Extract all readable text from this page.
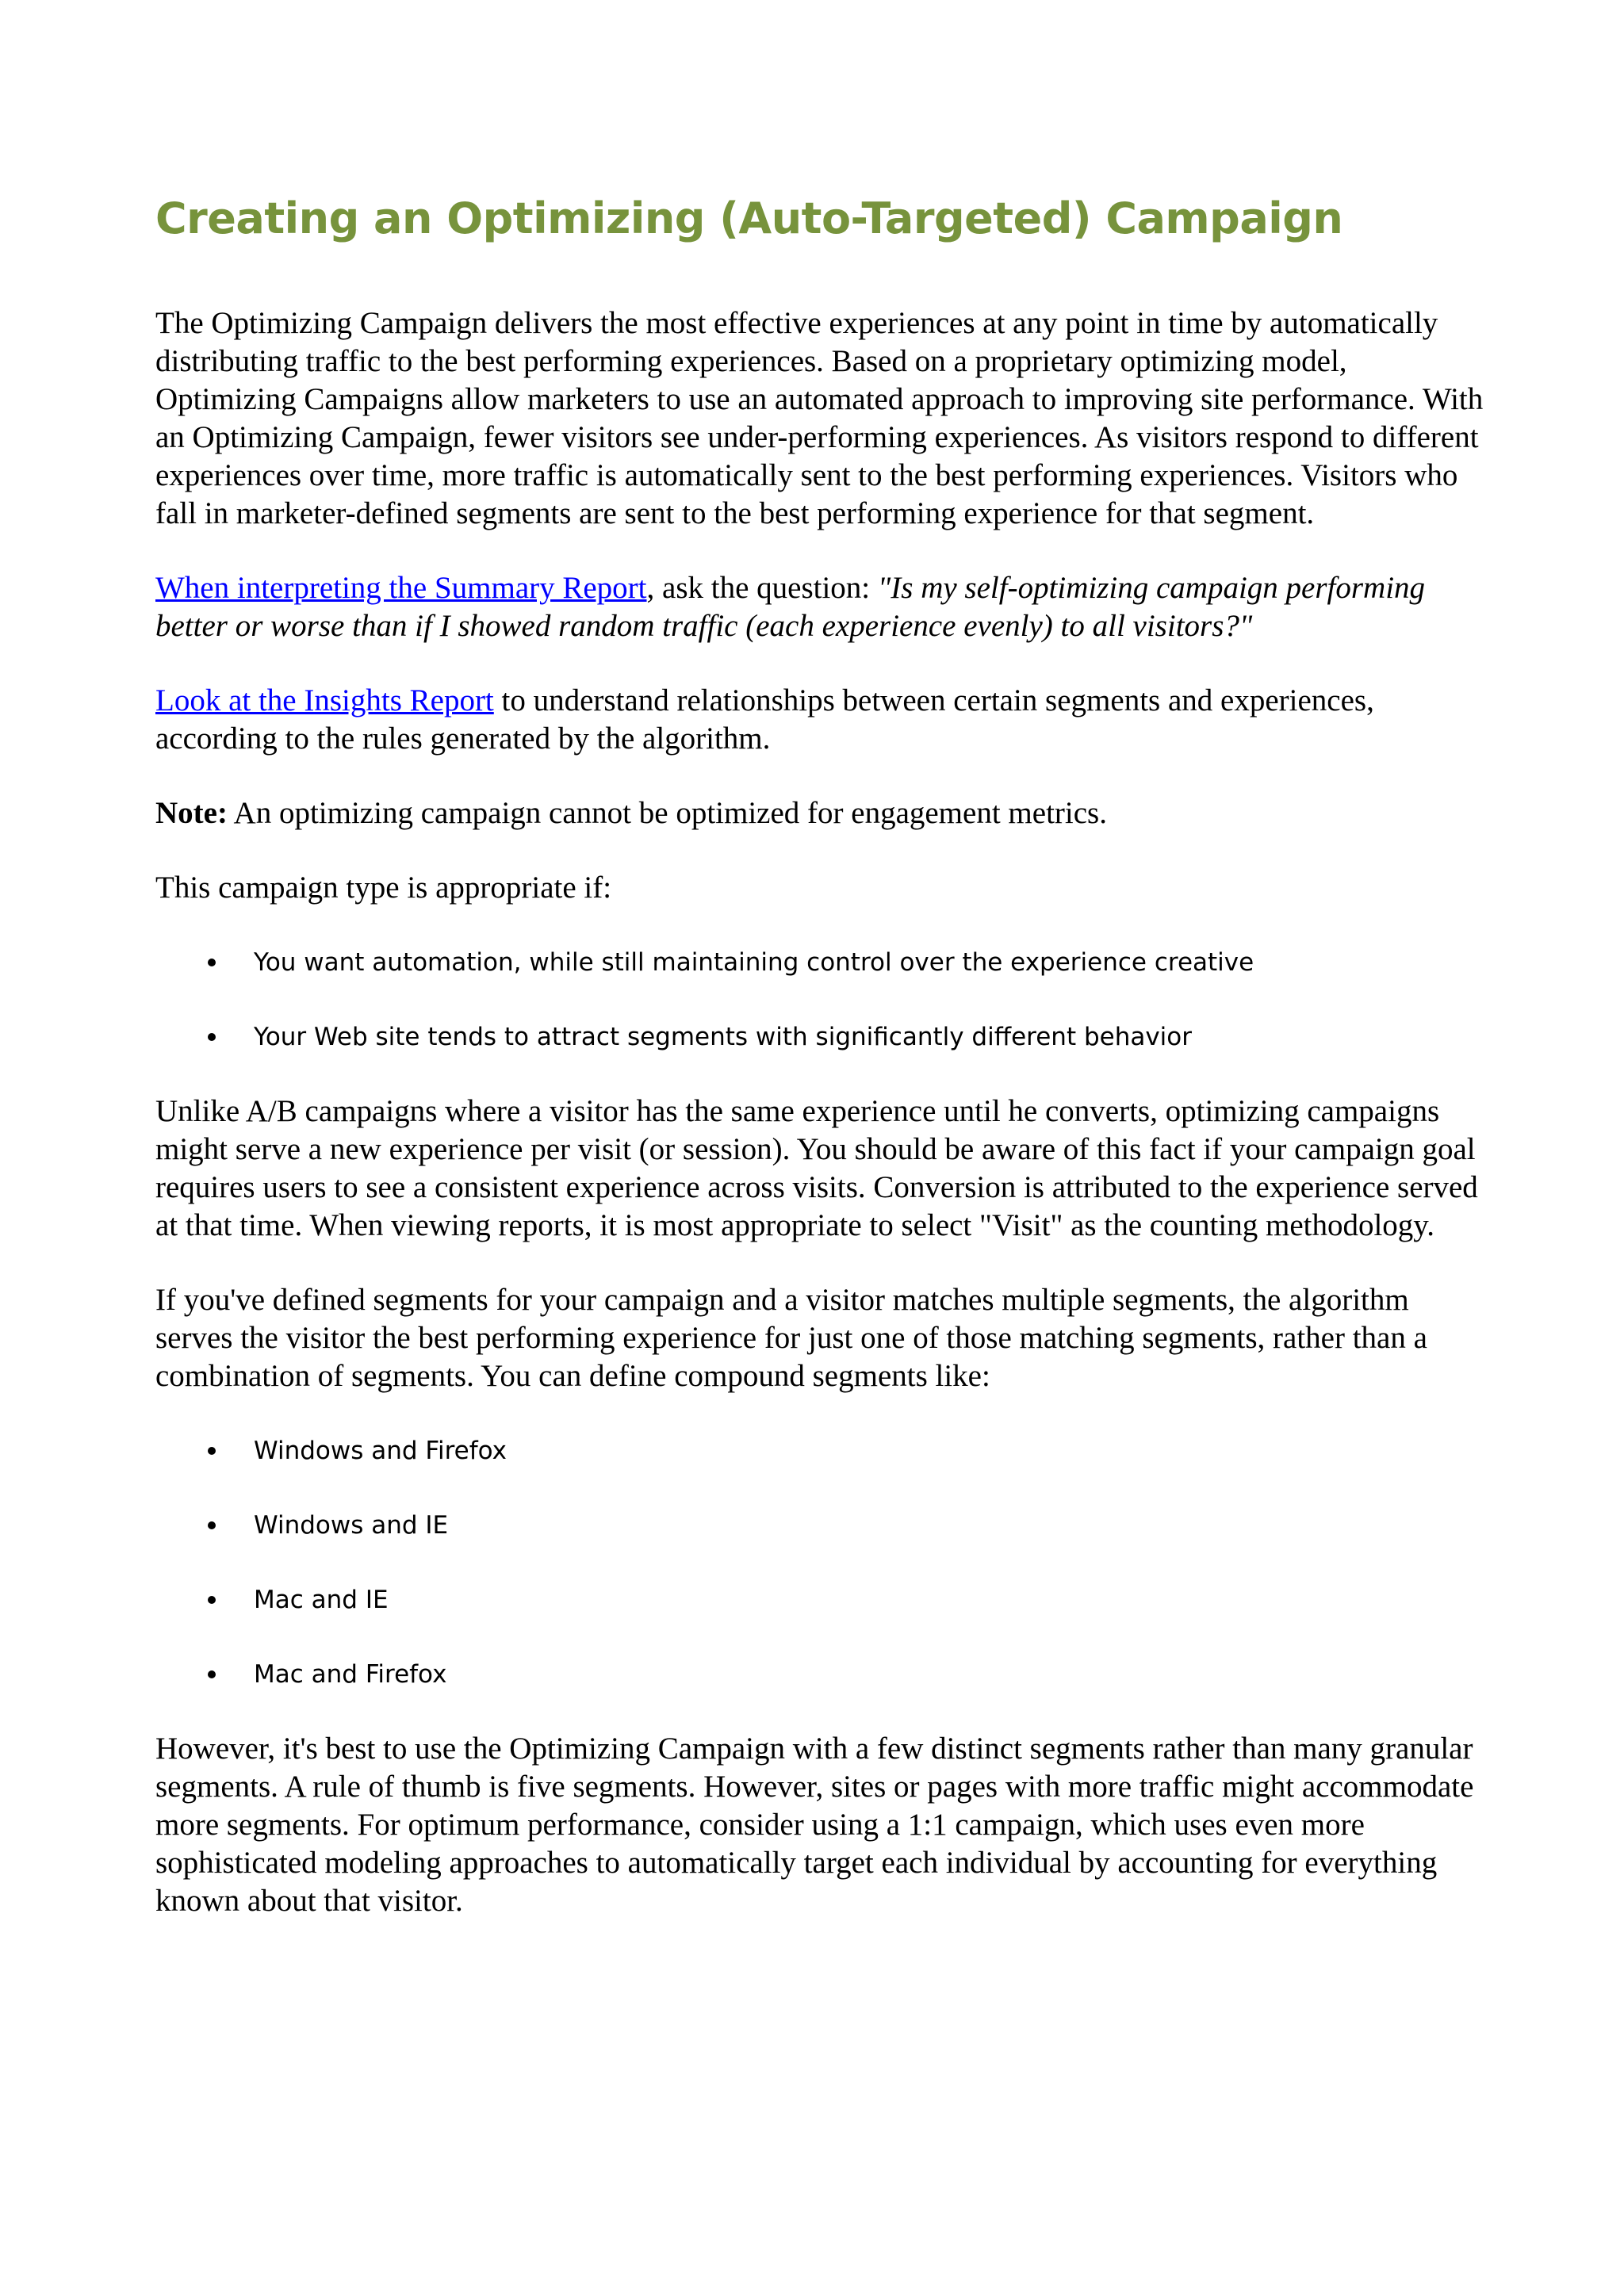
Creating an Optimizing (Auto-Targeted) Campaign

The Optimizing Campaign delivers the most effective experiences at any point in time by automatically distributing traffic to the best performing experiences. Based on a proprietary optimizing model, Optimizing Campaigns allow marketers to use an automated approach to improving site performance. With an Optimizing Campaign, fewer visitors see under-performing experiences. As visitors respond to different experiences over time, more traffic is automatically sent to the best performing experiences. Visitors who fall in marketer-defined segments are sent to the best performing experience for that segment.

When interpreting the Summary Report, ask the question: "Is my self-optimizing campaign performing better or worse than if I showed random traffic (each experience evenly) to all visitors?"

Look at the Insights Report to understand relationships between certain segments and experiences, according to the rules generated by the algorithm.

Note: An optimizing campaign cannot be optimized for engagement metrics.

This campaign type is appropriate if:

You want automation, while still maintaining control over the experience creative
Your Web site tends to attract segments with significantly different behavior

Unlike A/B campaigns where a visitor has the same experience until he converts, optimizing campaigns might serve a new experience per visit (or session). You should be aware of this fact if your campaign goal requires users to see a consistent experience across visits. Conversion is attributed to the experience served at that time. When viewing reports, it is most appropriate to select "Visit" as the counting methodology.

If you've defined segments for your campaign and a visitor matches multiple segments, the algorithm serves the visitor the best performing experience for just one of those matching segments, rather than a combination of segments. You can define compound segments like:

Windows and Firefox
Windows and IE
Mac and IE
Mac and Firefox

However, it's best to use the Optimizing Campaign with a few distinct segments rather than many granular segments. A rule of thumb is five segments. However, sites or pages with more traffic might accommodate more segments. For optimum performance, consider using a 1:1 campaign, which uses even more sophisticated modeling approaches to automatically target each individual by accounting for everything known about that visitor.
